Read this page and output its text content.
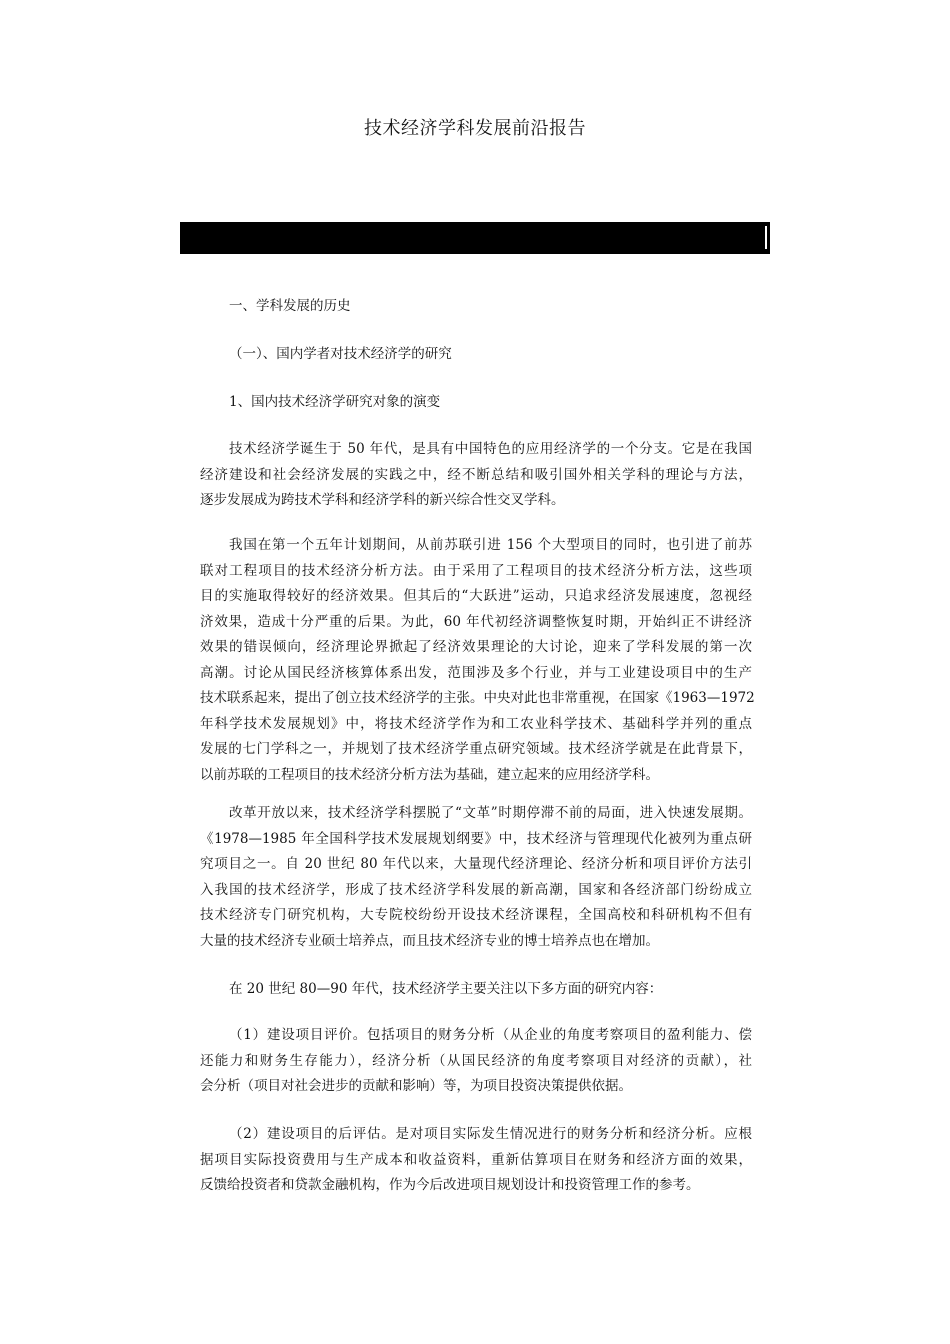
技术经济学科发展前沿报告
一、学科发展的历史
（一）、国内学者对技术经济学的研究
1、国内技术经济学研究对象的演变
技术经济学诞生于 50 年代，是具有中国特色的应用经济学的一个分支。它是在我国
经济建设和社会经济发展的实践之中，经不断总结和吸引国外相关学科的理论与方法，
逐步发展成为跨技术学科和经济学科的新兴综合性交叉学科。
我国在第一个五年计划期间，从前苏联引进 156 个大型项目的同时，也引进了前苏
联对工程项目的技术经济分析方法。由于采用了工程项目的技术经济分析方法，这些项
目的实施取得较好的经济效果。但其后的“大跃进”运动，只追求经济发展速度，忽视经
济效果，造成十分严重的后果。为此，60 年代初经济调整恢复时期，开始纠正不讲经济
效果的错误倾向，经济理论界掀起了经济效果理论的大讨论，迎来了学科发展的第一次
高潮。讨论从国民经济核算体系出发，范围涉及多个行业，并与工业建设项目中的生产
技术联系起来，提出了创立技术经济学的主张。中央对此也非常重视，在国家《1963—1972
年科学技术发展规划》中，将技术经济学作为和工农业科学技术、基础科学并列的重点
发展的七门学科之一，并规划了技术经济学重点研究领域。技术经济学就是在此背景下，
以前苏联的工程项目的技术经济分析方法为基础，建立起来的应用经济学科。
改革开放以来，技术经济学科摆脱了“文革”时期停滞不前的局面，进入快速发展期。
《1978—1985 年全国科学技术发展规划纲要》中，技术经济与管理现代化被列为重点研
究项目之一。自 20 世纪 80 年代以来，大量现代经济理论、经济分析和项目评价方法引
入我国的技术经济学，形成了技术经济学科发展的新高潮，国家和各经济部门纷纷成立
技术经济专门研究机构，大专院校纷纷开设技术经济课程，全国高校和科研机构不但有
大量的技术经济专业硕士培养点，而且技术经济专业的博士培养点也在增加。
在 20 世纪 80—90 年代，技术经济学主要关注以下多方面的研究内容：
（1）建设项目评价。包括项目的财务分析（从企业的角度考察项目的盈利能力、偿
还能力和财务生存能力），经济分析（从国民经济的角度考察项目对经济的贡献），社
会分析（项目对社会进步的贡献和影响）等，为项目投资决策提供依据。
（2）建设项目的后评估。是对项目实际发生情况进行的财务分析和经济分析。应根
据项目实际投资费用与生产成本和收益资料，重新估算项目在财务和经济方面的效果，
反馈给投资者和贷款金融机构，作为今后改进项目规划设计和投资管理工作的参考。
